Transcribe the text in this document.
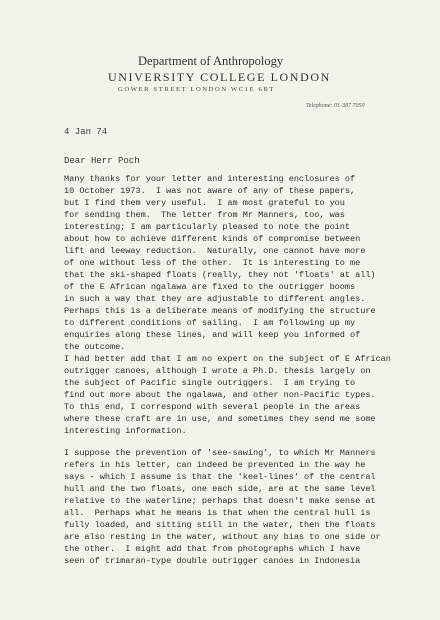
Department of Anthropology
UNIVERSITY COLLEGE LONDON
GOWER STREET LONDON WC1E 6BT
Telephone: 01-387 7050
4 Jan 74
Dear Herr Poch
Many thanks for your letter and interesting enclosures of
10 October 1973.  I was not aware of any of these papers,
but I find them very useful.  I am most grateful to you
for sending them.  The letter from Mr Manners, too, was
interesting; I am particularly pleased to note the point
about how to achieve different kinds of compromise between
lift and leeway reduction.  Naturally, one cannot have more
of one without less of the other.  It is interesting to me
that the ski-shaped floats (really, they not 'floats' at all)
of the E African ngalawa are fixed to the outrigger booms
in such a way that they are adjustable to different angles.
Perhaps this is a deliberate means of modifying the structure
to different conditions of sailing.  I am following up my
enquiries along these lines, and will keep you informed of
the outcome.
I had better add that I am no expert on the subject of E African
outrigger canoes, although I wrote a Ph.D. thesis largely on
the subject of Pacific single outriggers.  I am trying to
find out more about the ngalawa, and other non-Pacific types.
To this end, I correspond with several people in the areas
where these craft are in use, and sometimes they send me some
interesting information.
I suppose the prevention of 'see-sawing', to which Mr Manners
refers in his letter, can indeed be prevented in the way he
says - which I assume is that the 'keel-lines' of the central
hull and the two floats, one each side, are at the same level
relative to the waterline; perhaps that doesn't make sense at
all.  Perhaps what he means is that when the central hull is
fully loaded, and sitting still in the water, then the floats
are also resting in the water, without any bias to one side or
the other.  I might add that from photographs which I have
seen of trimaran-type double outrigger canoes in Indonesia
